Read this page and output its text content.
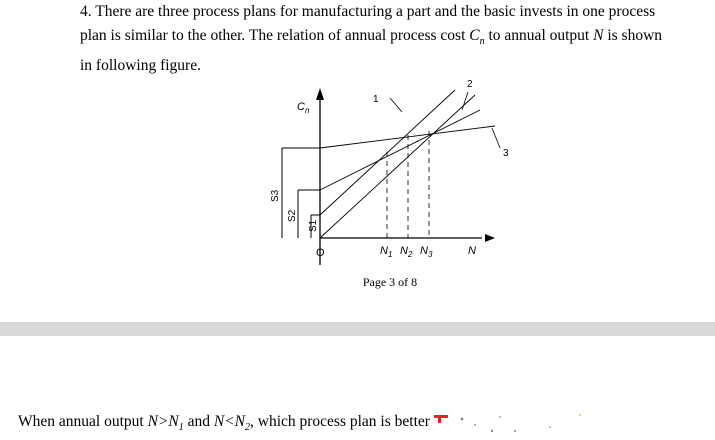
4. There are three process plans for manufacturing a part and the basic invests in one process
plan is similar to the other. The relation of annual process cost $C_n$ to annual output N is shown
in following figure.
$C_n$
N
O
1
2
3
S1
S2
S3
$N_1$ $N_2$ $N_3$
Page 3 of 8
When annual output $N>N_1$ and $N<N_2$, which process plan is better
